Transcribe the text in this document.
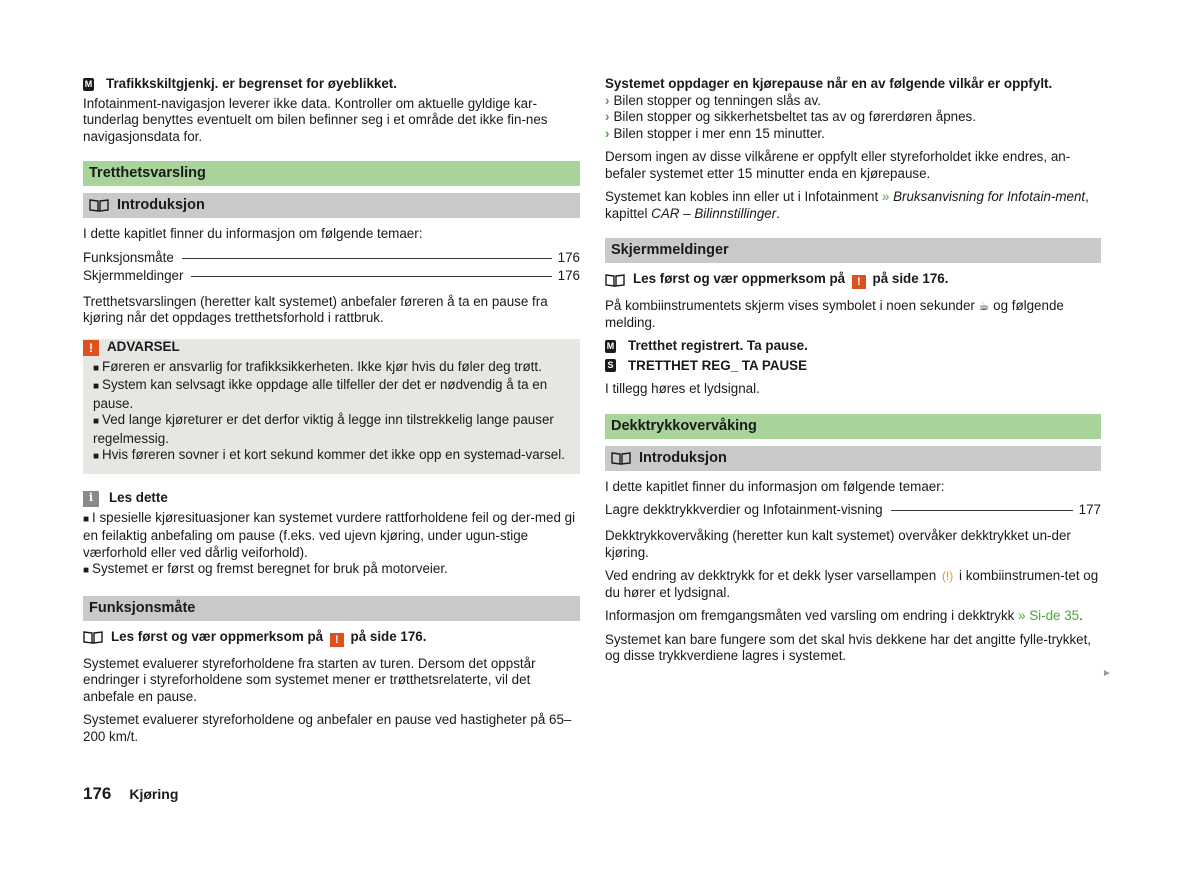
M Trafikkskiltgjenkj. er begrenset for øyeblikket.

Infotainment-navigasjon leverer ikke data. Kontroller om aktuelle gyldige kar-tunderlag benyttes eventuelt om bilen befinner seg i et område det ikke fin-nes navigasjonsdata for.

Tretthetsvarsling
Introduksjon

I dette kapitlet finner du informasjon om følgende temaer:

Funksjonsmåte	176
Skjermmeldinger	176

Tretthetsvarslingen (heretter kalt systemet) anbefaler føreren å ta en pause fra kjøring når det oppdages tretthetsforhold i rattbruk.

!	ADVARSEL
■ Føreren er ansvarlig for trafikksikkerheten. Ikke kjør hvis du føler deg trøtt.
■ System kan selvsagt ikke oppdage alle tilfeller der det er nødvendig å ta en pause.
■ Ved lange kjøreturer er det derfor viktig å legge inn tilstrekkelig lange pauser regelmessig.
■ Hvis føreren sovner i et kort sekund kommer det ikke opp en systemad-varsel.
i	Les dette
■ I spesielle kjøresituasjoner kan systemet vurdere rattforholdene feil og der-med gi en feilaktig anbefaling om pause (f.eks. ved ujevn kjøring, under ugun-stige værforhold eller ved dårlig veiforhold).
■ Systemet er først og fremst beregnet for bruk på motorveier.
Funksjonsmåte
Les først og vær oppmerksom på ! på side 176.

Systemet evaluerer styreforholdene fra starten av turen. Dersom det oppstår endringer i styreforholdene som systemet mener er trøtthetsrelaterte, vil det anbefale en pause.

Systemet evaluerer styreforholdene og anbefaler en pause ved hastigheter på 65–200 km/t.

Systemet oppdager en kjørepause når en av følgende vilkår er oppfylt.

› Bilen stopper og tenningen slås av.
› Bilen stopper og sikkerhetsbeltet tas av og førerdøren åpnes.
› Bilen stopper i mer enn 15 minutter.

Dersom ingen av disse vilkårene er oppfylt eller styreforholdet ikke endres, an-befaler systemet etter 15 minutter enda en kjørepause.

Systemet kan kobles inn eller ut i Infotainment » Bruksanvisning for Infotain-ment, kapittel CAR – Bilinnstillinger.

Skjermmeldinger
Les først og vær oppmerksom på ! på side 176.

På kombiinstrumentets skjerm vises symbolet i noen sekunder ☕ og følgende melding.

M Tretthet registrert. Ta pause.
S TRETTHET REG_ TA PAUSE

I tillegg høres et lydsignal.

Dekktrykkovervåking
Introduksjon

I dette kapitlet finner du informasjon om følgende temaer:

Lagre dekktrykkverdier og Infotainment-visning	177

Dekktrykkovervåking (heretter kun kalt systemet) overvåker dekktrykket un-der kjøring.

Ved endring av dekktrykk for et dekk lyser varsellampen (!) i kombiinstrumen-tet og du hører et lydsignal.

Informasjon om fremgangsmåten ved varsling om endring i dekktrykk » Si-de 35.

Systemet kan bare fungere som det skal hvis dekkene har det angitte fylle-trykket, og disse trykkverdiene lagres i systemet.

►
176 Kjøring
